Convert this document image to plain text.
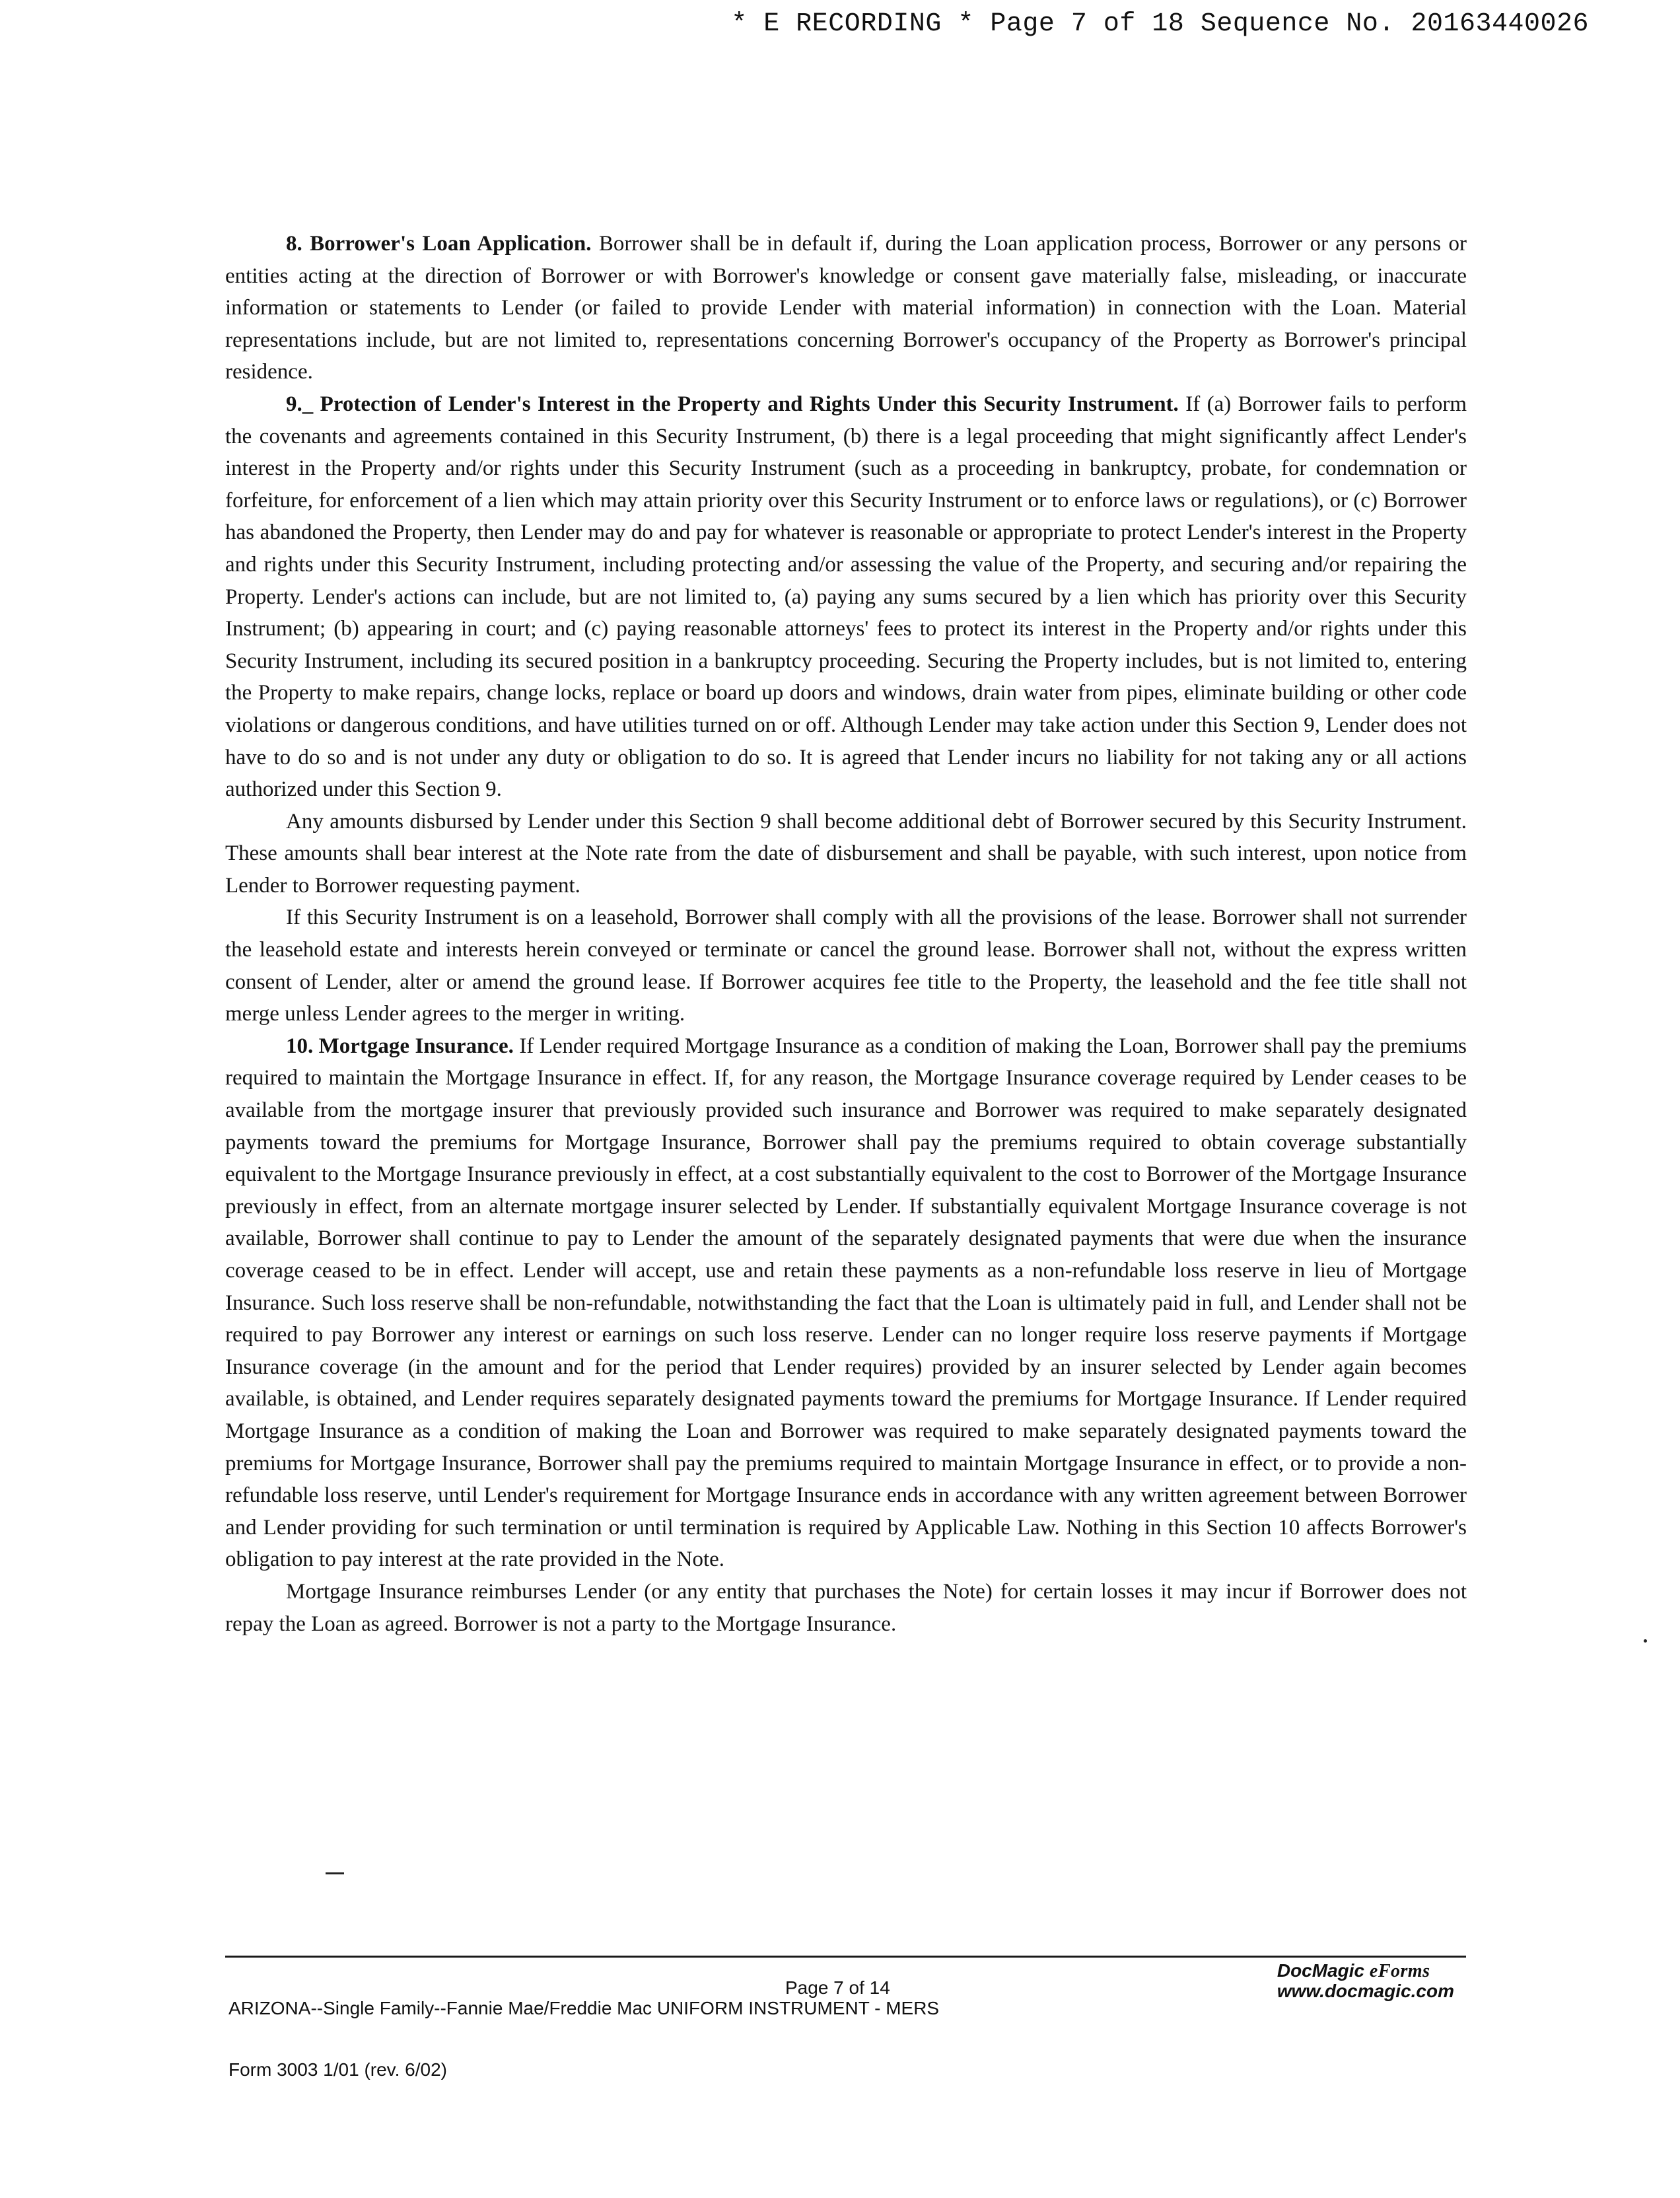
* E RECORDING * Page 7 of 18 Sequence No. 20163440026

8. Borrower's Loan Application. Borrower shall be in default if, during the Loan application process, Borrower or any persons or entities acting at the direction of Borrower or with Borrower's knowledge or consent gave materially false, misleading, or inaccurate information or statements to Lender (or failed to provide Lender with material information) in connection with the Loan. Material representations include, but are not limited to, representations concerning Borrower's occupancy of the Property as Borrower's principal residence.

9._ Protection of Lender's Interest in the Property and Rights Under this Security Instrument. If (a) Borrower fails to perform the covenants and agreements contained in this Security Instrument, (b) there is a legal proceeding that might significantly affect Lender's interest in the Property and/or rights under this Security Instrument (such as a proceeding in bankruptcy, probate, for condemnation or forfeiture, for enforcement of a lien which may attain priority over this Security Instrument or to enforce laws or regulations), or (c) Borrower has abandoned the Property, then Lender may do and pay for whatever is reasonable or appropriate to protect Lender's interest in the Property and rights under this Security Instrument, including protecting and/or assessing the value of the Property, and securing and/or repairing the Property. Lender's actions can include, but are not limited to, (a) paying any sums secured by a lien which has priority over this Security Instrument; (b) appearing in court; and (c) paying reasonable attorneys' fees to protect its interest in the Property and/or rights under this Security Instrument, including its secured position in a bankruptcy proceeding. Securing the Property includes, but is not limited to, entering the Property to make repairs, change locks, replace or board up doors and windows, drain water from pipes, eliminate building or other code violations or dangerous conditions, and have utilities turned on or off. Although Lender may take action under this Section 9, Lender does not have to do so and is not under any duty or obligation to do so. It is agreed that Lender incurs no liability for not taking any or all actions authorized under this Section 9.

Any amounts disbursed by Lender under this Section 9 shall become additional debt of Borrower secured by this Security Instrument. These amounts shall bear interest at the Note rate from the date of disbursement and shall be payable, with such interest, upon notice from Lender to Borrower requesting payment.

If this Security Instrument is on a leasehold, Borrower shall comply with all the provisions of the lease. Borrower shall not surrender the leasehold estate and interests herein conveyed or terminate or cancel the ground lease. Borrower shall not, without the express written consent of Lender, alter or amend the ground lease. If Borrower acquires fee title to the Property, the leasehold and the fee title shall not merge unless Lender agrees to the merger in writing.

10. Mortgage Insurance. If Lender required Mortgage Insurance as a condition of making the Loan, Borrower shall pay the premiums required to maintain the Mortgage Insurance in effect. If, for any reason, the Mortgage Insurance coverage required by Lender ceases to be available from the mortgage insurer that previously provided such insurance and Borrower was required to make separately designated payments toward the premiums for Mortgage Insurance, Borrower shall pay the premiums required to obtain coverage substantially equivalent to the Mortgage Insurance previously in effect, at a cost substantially equivalent to the cost to Borrower of the Mortgage Insurance previously in effect, from an alternate mortgage insurer selected by Lender. If substantially equivalent Mortgage Insurance coverage is not available, Borrower shall continue to pay to Lender the amount of the separately designated payments that were due when the insurance coverage ceased to be in effect. Lender will accept, use and retain these payments as a non-refundable loss reserve in lieu of Mortgage Insurance. Such loss reserve shall be non-refundable, notwithstanding the fact that the Loan is ultimately paid in full, and Lender shall not be required to pay Borrower any interest or earnings on such loss reserve. Lender can no longer require loss reserve payments if Mortgage Insurance coverage (in the amount and for the period that Lender requires) provided by an insurer selected by Lender again becomes available, is obtained, and Lender requires separately designated payments toward the premiums for Mortgage Insurance. If Lender required Mortgage Insurance as a condition of making the Loan and Borrower was required to make separately designated payments toward the premiums for Mortgage Insurance, Borrower shall pay the premiums required to maintain Mortgage Insurance in effect, or to provide a non-refundable loss reserve, until Lender's requirement for Mortgage Insurance ends in accordance with any written agreement between Borrower and Lender providing for such termination or until termination is required by Applicable Law. Nothing in this Section 10 affects Borrower's obligation to pay interest at the rate provided in the Note.

Mortgage Insurance reimburses Lender (or any entity that purchases the Note) for certain losses it may incur if Borrower does not repay the Loan as agreed. Borrower is not a party to the Mortgage Insurance.

ARIZONA--Single Family--Fannie Mae/Freddie Mac UNIFORM INSTRUMENT - MERS

Form 3003 1/01 (rev. 6/02)

Page 7 of 14
DocMagic eForms
www.docmagic.com
